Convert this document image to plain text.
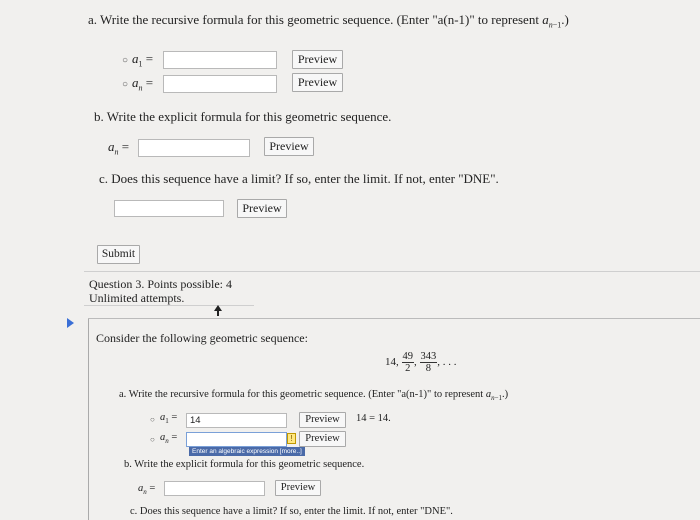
a. Write the recursive formula for this geometric sequence. (Enter "a(n-1)" to represent $a_{n-1}$.)
○ $a_1$ =	Preview
○ $a_n$ =	Preview
b. Write the explicit formula for this geometric sequence.
$a_n$ =	Preview
c. Does this sequence have a limit? If so, enter the limit. If not, enter "DNE".
Preview
Submit
Question 3. Points possible: 4
Unlimited attempts.
Consider the following geometric sequence:
14, $\frac{49}{2}$ , $\frac{343}{8}$ , . . .
a. Write the recursive formula for this geometric sequence. (Enter "a(n-1)" to represent $a_{n-1}$.)
○ $a_1$ =	14	Preview	14 = 14.
○ $a_n$ =	!	Preview
Enter an algebraic expression [more..]
b. Write the explicit formula for this geometric sequence.
$a_n$ =	Preview
c. Does this sequence have a limit? If so, enter the limit. If not, enter "DNE".
